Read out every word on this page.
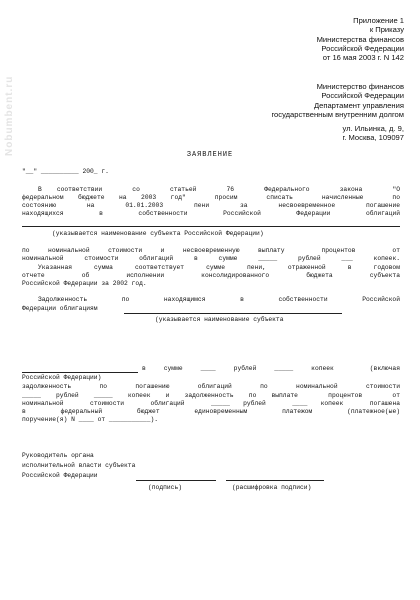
Nobumbent.ru
Приложение 1
к Приказу
Министерства финансов
Российской Федерации
от 16 мая 2003 г. N 142
Министерство финансов
Российской Федерации
Департамент управления
государственным внутренним долгом
ул. Ильинка, д. 9,
г. Москва, 109097
ЗАЯВЛЕНИЕ
"__" __________ 200_ г.
В соответствии  со  статьей  76  Федерального  закона  "О
федеральном бюджете на 2003 год"  просим  списать  начисленные  по
состоянию  на  01.01.2003  пени  за  несвоевременное  погашение
находящихся  в  собственности  Российской  Федерации  облигаций
(указывается наименование субъекта Российской Федерации)
по номинальной стоимости и несвоевременную выплату  процентов  от
номинальной стоимости облигаций в сумме _____ рублей ___ копеек.
Указанная сумма соответствует сумме пени, отраженной в годовом
отчете  об  исполнении  консолидированного  бюджета  субъекта
Российской Федерации за 2002 год.
Задолженность  по  находящимся  в  собственности  Российской
Федерации облигациям
(указывается наименование субъекта
в сумме ____ рублей _____ копеек  (включая
Российской Федерации)
задолженность по погашению облигаций по номинальной стоимости
_____ рублей _____ копеек и задолженность по выплате  процентов  от
номинальной  стоимости  облигаций  _____ рублей  ____ копеек  погашена
в  федеральный  бюджет  единовременным  платежом  (платежное(ые)
поручение(я) N ____ от ___________).
Руководитель органа
исполнительной власти субъекта
Российской Федерации
(подпись)	(расшифровка подписи)
